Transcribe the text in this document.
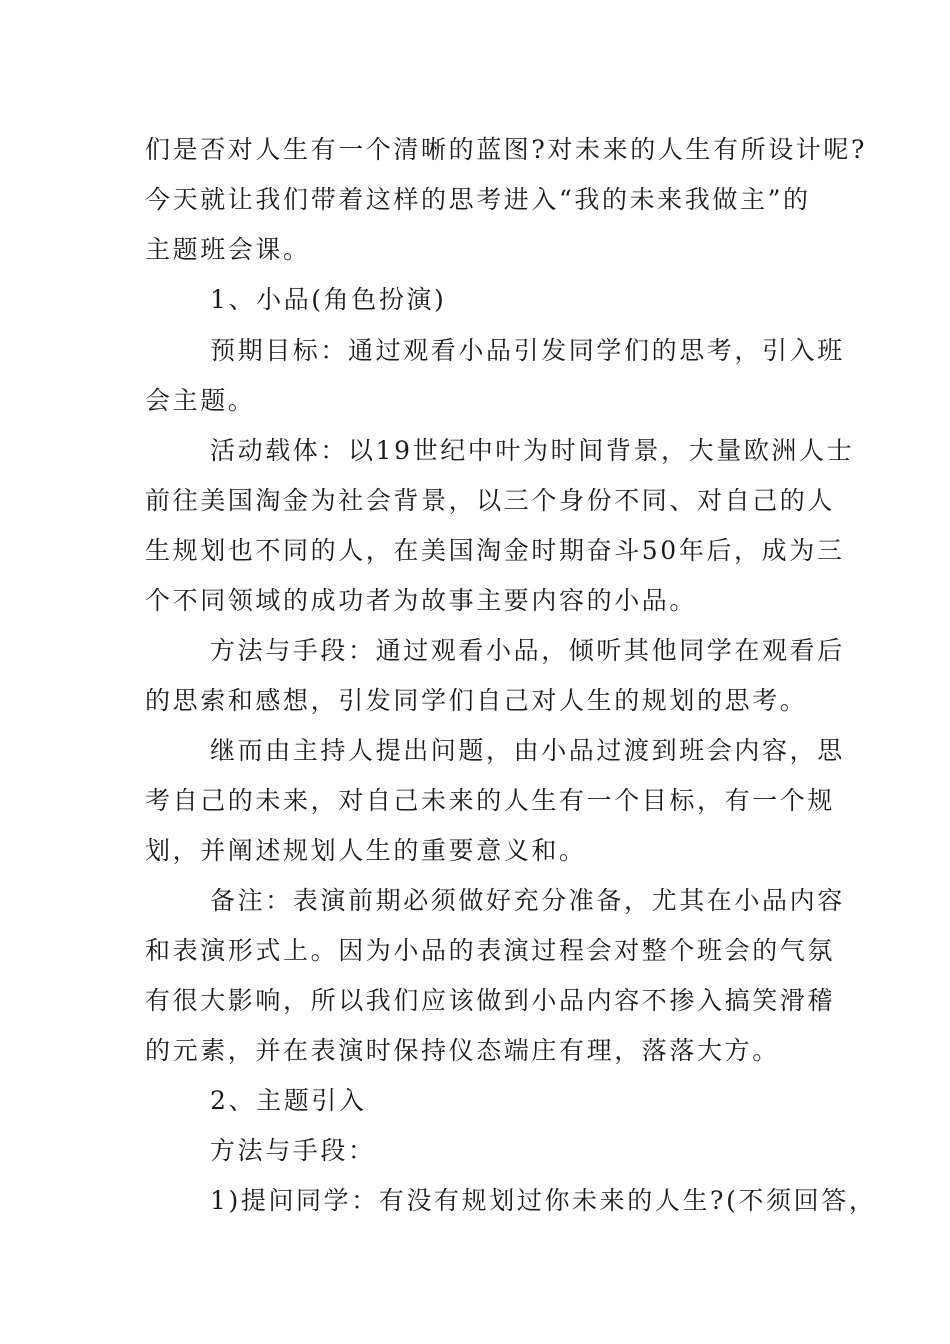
们是否对人生有一个清晰的蓝图?对未来的人生有所设计呢?
今天就让我们带着这样的思考进入“我的未来我做主”的
主题班会课。
1、小品(角色扮演)
预期目标：通过观看小品引发同学们的思考，引入班
会主题。
活动载体：以19世纪中叶为时间背景，大量欧洲人士
前往美国淘金为社会背景，以三个身份不同、对自己的人
生规划也不同的人，在美国淘金时期奋斗50年后，成为三
个不同领域的成功者为故事主要内容的小品。
方法与手段：通过观看小品，倾听其他同学在观看后
的思索和感想，引发同学们自己对人生的规划的思考。
继而由主持人提出问题，由小品过渡到班会内容，思
考自己的未来，对自己未来的人生有一个目标，有一个规
划，并阐述规划人生的重要意义和。
备注：表演前期必须做好充分准备，尤其在小品内容
和表演形式上。因为小品的表演过程会对整个班会的气氛
有很大影响，所以我们应该做到小品内容不掺入搞笑滑稽
的元素，并在表演时保持仪态端庄有理，落落大方。
2、主题引入
方法与手段：
1)提问同学：有没有规划过你未来的人生?(不须回答，
